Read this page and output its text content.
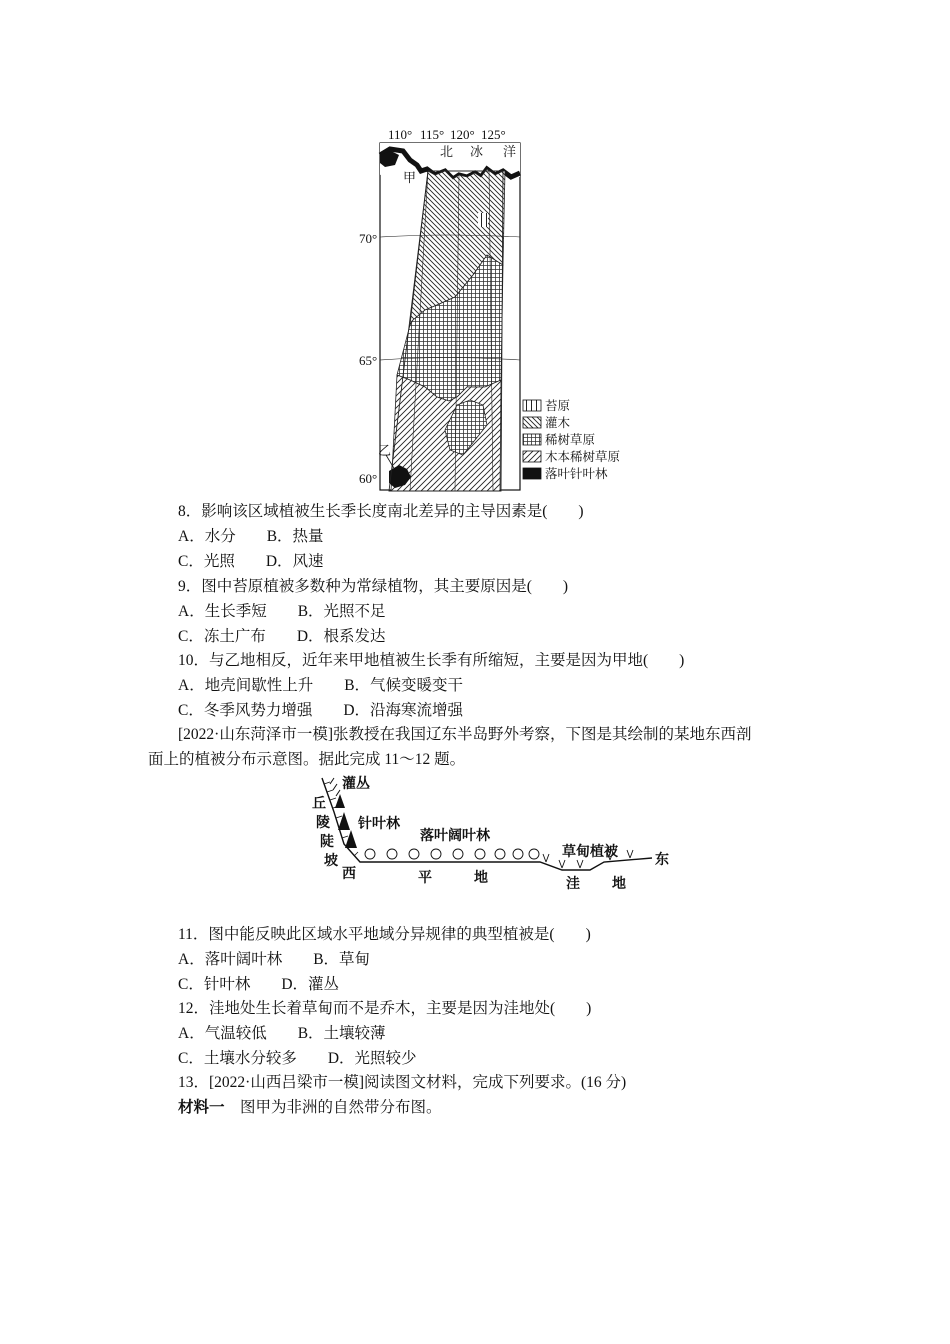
110° 115° 120° 125°
北 冰 洋
70°
65°
60°
甲
乙
苔原
灌木
稀树草原
木本稀树草原
落叶针叶林
8．影响该区域植被生长季长度南北差异的主导因素是(　　)
A．水分　　B．热量
C．光照　　D．风速
9．图中苔原植被多数种为常绿植物，其主要原因是(　　)
A．生长季短　　B．光照不足
C．冻土广布　　D．根系发达
10．与乙地相反，近年来甲地植被生长季有所缩短，主要是因为甲地(　　)
A．地壳间歇性上升　　B．气候变暖变干
C．冬季风势力增强　　D．沿海寒流增强
[2022·山东菏泽市一模]张教授在我国辽东半岛野外考察，下图是其绘制的某地东西剖
面上的植被分布示意图。据此完成 11～12 题。
灌丛
针叶林
落叶阔叶林
草甸植被
丘
陵
陡
坡
西
东
平	地	洼 地
11．图中能反映此区域水平地域分异规律的典型植被是(　　)
A．落叶阔叶林　　B．草甸
C．针叶林　　D．灌丛
12．洼地处生长着草甸而不是乔木，主要是因为洼地处(　　)
A．气温较低　　B．土壤较薄
C．土壤水分较多　　D．光照较少
13．[2022·山西吕梁市一模]阅读图文材料，完成下列要求。(16 分)
材料一　图甲为非洲的自然带分布图。
